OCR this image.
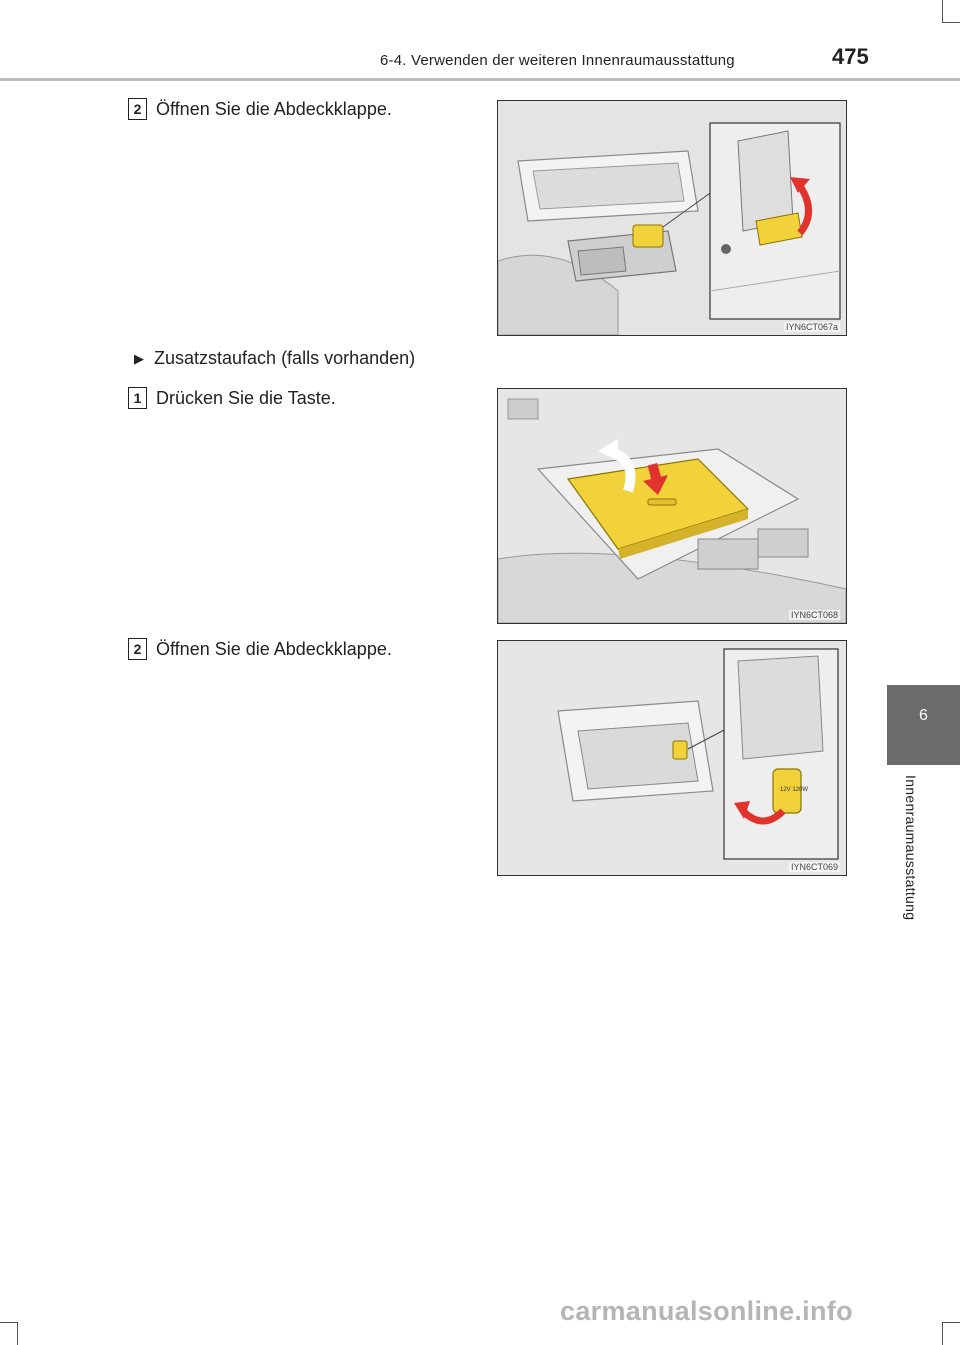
6-4. Verwenden der weiteren Innenraumausstattung	475
6
Innenraumausstattung
2 Öffnen Sie die Abdeckklappe.
IYN6CT067a
▶ Zusatzstaufach (falls vorhanden)
1 Drücken Sie die Taste.
IYN6CT068
2 Öffnen Sie die Abdeckklappe.
12V 120W
IYN6CT069
carmanualsonline.info
